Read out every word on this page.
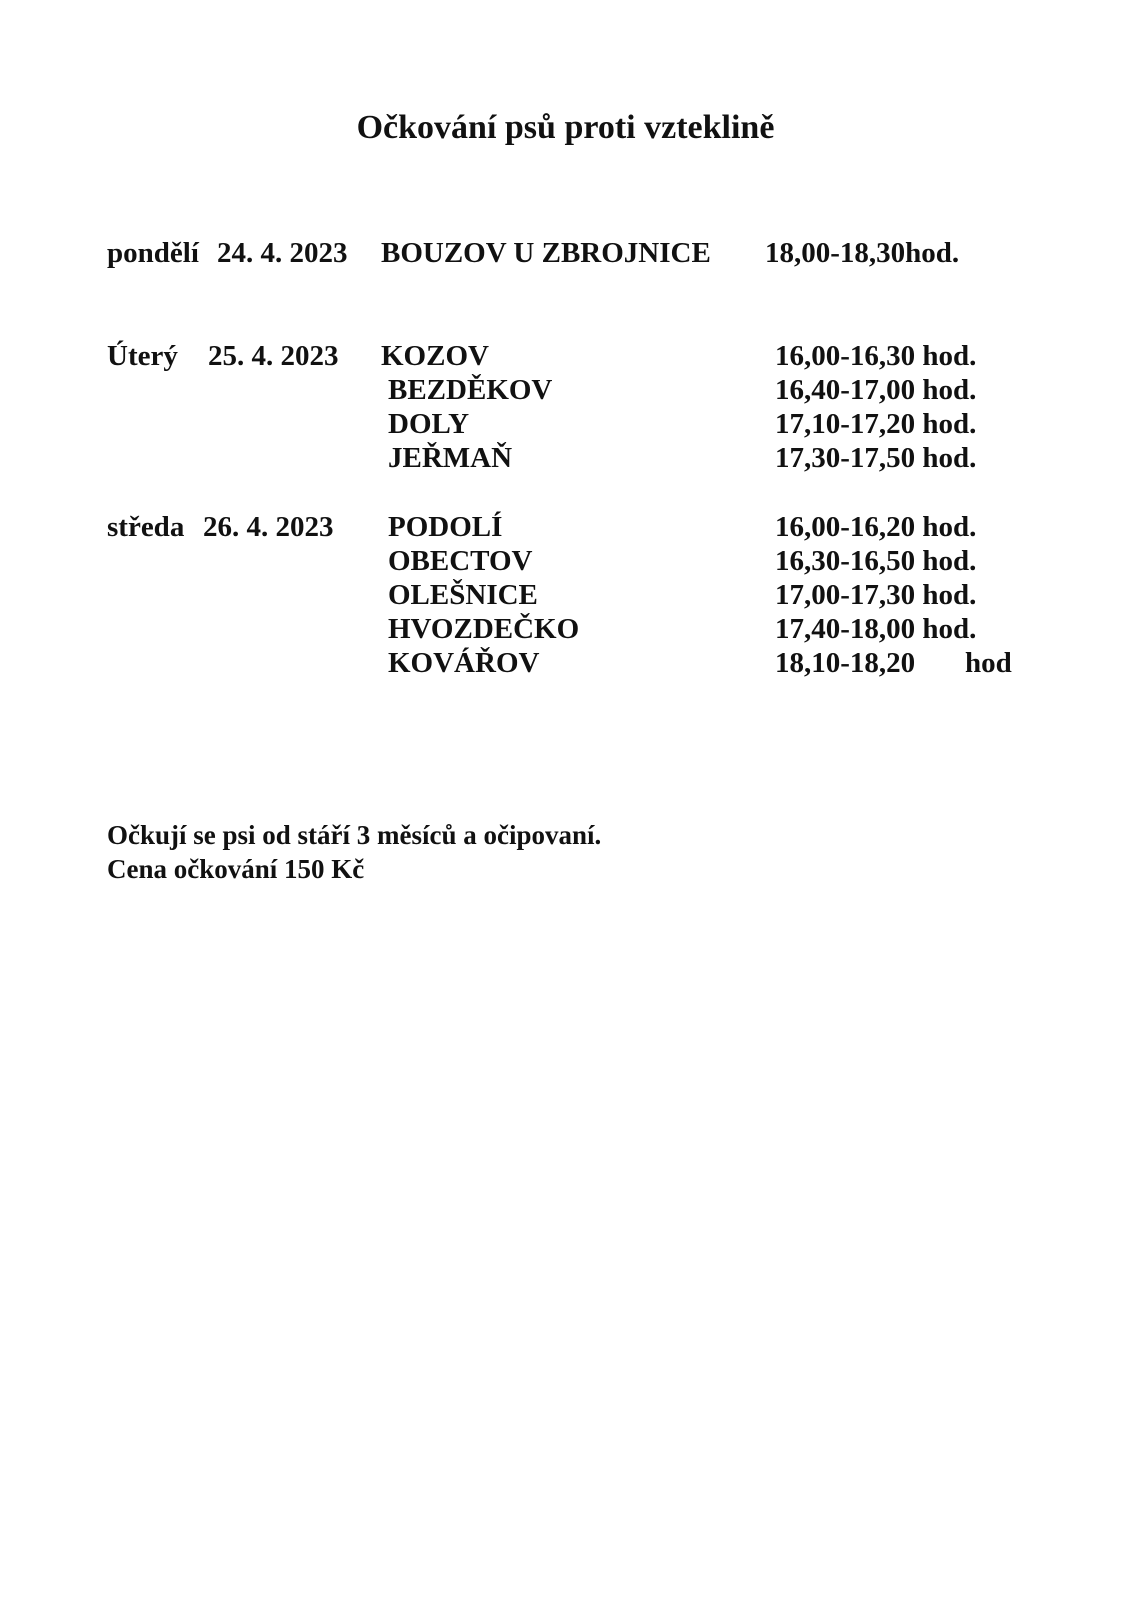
Očkování psů proti vzteklině
pondělí 24. 4. 2023 BOUZOV U ZBROJNICE 18,00-18,30hod.
Úterý 25. 4. 2023 KOZOV	16,00-16,30 hod.
BEZDĚKOV	16,40-17,00 hod.
DOLY	17,10-17,20 hod.
JEŘMAŇ	17,30-17,50 hod.
středa 26. 4. 2023 PODOLÍ	16,00-16,20 hod.
OBECTOV	16,30-16,50 hod.
OLEŠNICE	17,00-17,30 hod.
HVOZDEČKO	17,40-18,00 hod.
KOVÁŘOV	18,10-18,20 hod
Očkují se psi od stáří 3 měsíců a očipovaní.
Cena očkování 150 Kč
